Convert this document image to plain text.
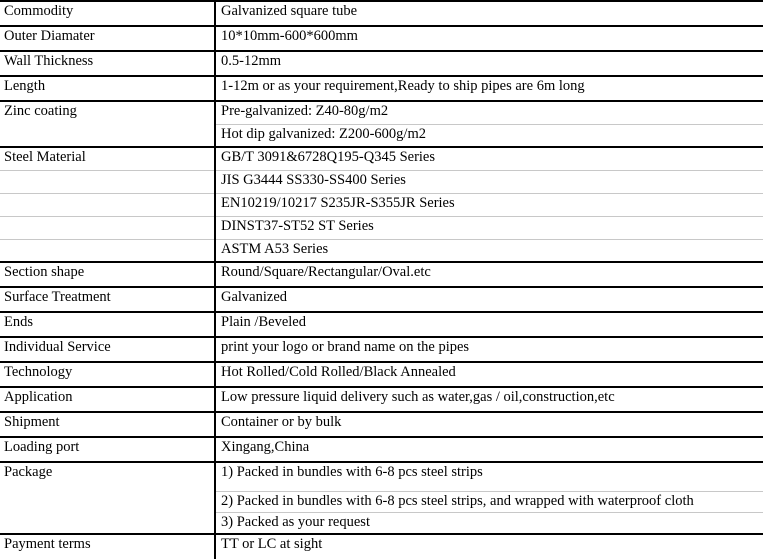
Commodity	Galvanized square tube
Outer Diamater	10*10mm-600*600mm
Wall Thickness	0.5-12mm
Length	1-12m or as your requirement,Ready to ship pipes are 6m long
Zinc coating	Pre-galvanized: Z40-80g/m2
	Hot dip galvanized: Z200-600g/m2
Steel Material	GB/T 3091&6728Q195-Q345 Series
	JIS G3444 SS330-SS400 Series
	EN10219/10217 S235JR-S355JR Series
	DINST37-ST52 ST Series
	ASTM A53 Series
Section shape	Round/Square/Rectangular/Oval.etc
Surface Treatment	Galvanized
Ends	Plain /Beveled
Individual Service	print your logo or brand name on the pipes
Technology	Hot Rolled/Cold Rolled/Black Annealed
Application	Low pressure liquid delivery such as water,gas / oil,construction,etc
Shipment	Container or by bulk
Loading port	Xingang,China
Package	1) Packed in bundles with 6-8 pcs steel strips
	2) Packed in bundles with 6-8 pcs steel strips, and wrapped with waterproof cloth
	3) Packed as your request
Payment terms	TT or LC at sight
